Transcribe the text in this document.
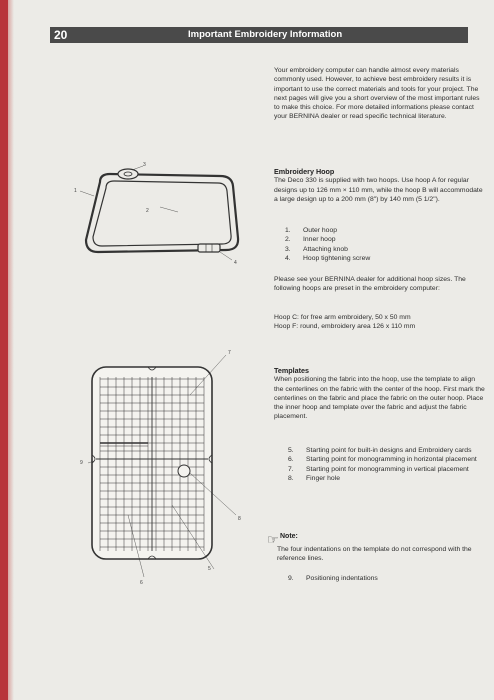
20	Important Embroidery Information

Your embroidery computer can handle almost every materials commonly used. However, to achieve best embroidery results it is important to use the correct materials and tools for your project. The next pages will give you a short overview of the most important rules to make this choice. For more detailed informations please contact your BERNINA dealer or read specific technical literature.

Embroidery Hoop

The Deco 330 is supplied with two hoops. Use hoop A for regular designs up to 126 mm × 110 mm, while the hoop B will accommodate a large design up to a 200 mm (8") by 140 mm (5 1/2").

1.	Outer hoop
2.	Inner hoop
3.	Attaching knob
4.	Hoop tightening screw

Please see your BERNINA dealer for additional hoop sizes. The following hoops are preset in the embroidery computer:

Hoop C: for free arm embroidery, 50 x 50 mm

Hoop F: round, embroidery area 126 x 110 mm

Templates

When positioning the fabric into the hoop, use the template to align the centerlines on the fabric with the center of the hoop. First mark the centerlines on the fabric and place the fabric on the outer hoop. Place the inner hoop and template over the fabric and adjust the fabric placement.

5.	Starting point for built-in designs and Embroidery cards
6.	Starting point for monogramming in horizontal placement
7.	Starting point for monogramming in vertical placement
8.	Finger hole
☞ Note:

The four indentations on the template do not correspond with the reference lines.

9.	Positioning indentations
1
2
3
4
7
8
5
6
9
